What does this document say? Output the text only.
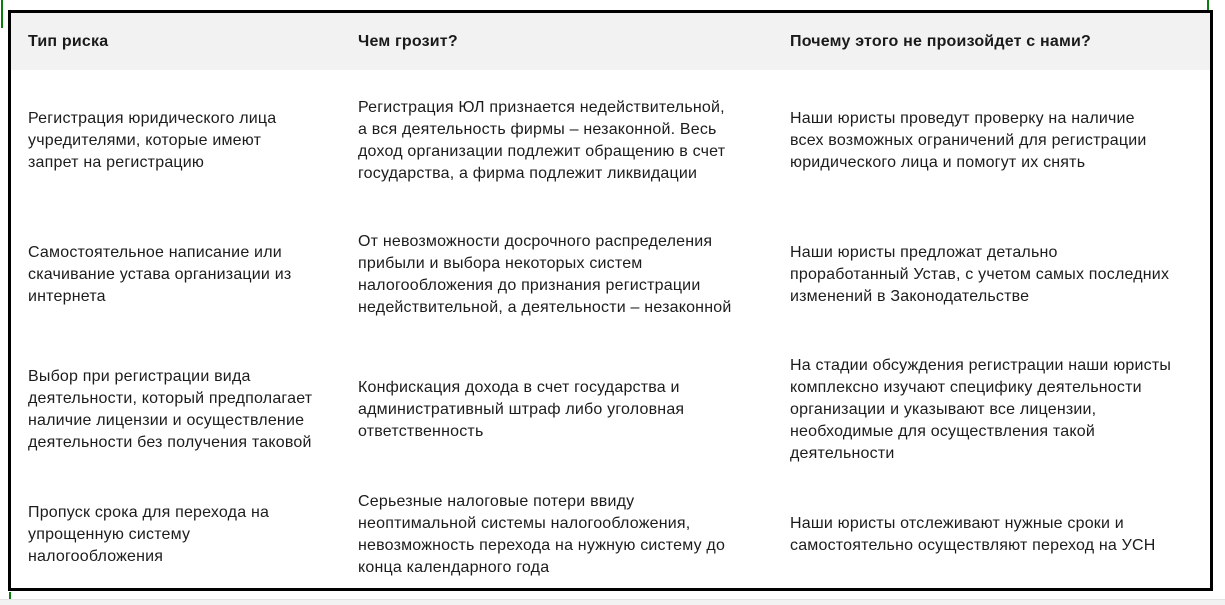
Тип риска	Чем грозит?	Почему этого не произойдет с нами?
Регистрация юридического лица учредителями, которые имеют запрет на регистрацию
Регистрация ЮЛ признается недействительной, а вся деятельность фирмы – незаконной. Весь доход организации подлежит обращению в счет государства, а фирма подлежит ликвидации
Наши юристы проведут проверку на наличие всех возможных ограничений для регистрации юридического лица и помогут их снять
Самостоятельное написание или скачивание устава организации из интернета
От невозможности досрочного распределения прибыли и выбора некоторых систем налогообложения до признания регистрации недействительной, а деятельности – незаконной
Наши юристы предложат детально проработанный Устав, с учетом самых последних изменений в Законодательстве
Выбор при регистрации вида деятельности, который предполагает наличие лицензии и осуществление деятельности без получения таковой
Конфискация дохода в счет государства и административный штраф либо уголовная ответственность
На стадии обсуждения регистрации наши юристы комплексно изучают специфику деятельности организации и указывают все лицензии, необходимые для осуществления такой деятельности
Пропуск срока для перехода на упрощенную систему налогообложения
Серьезные налоговые потери ввиду неоптимальной системы налогообложения, невозможность перехода на нужную систему до конца календарного года
Наши юристы отслеживают нужные сроки и самостоятельно осуществляют переход на УСН
